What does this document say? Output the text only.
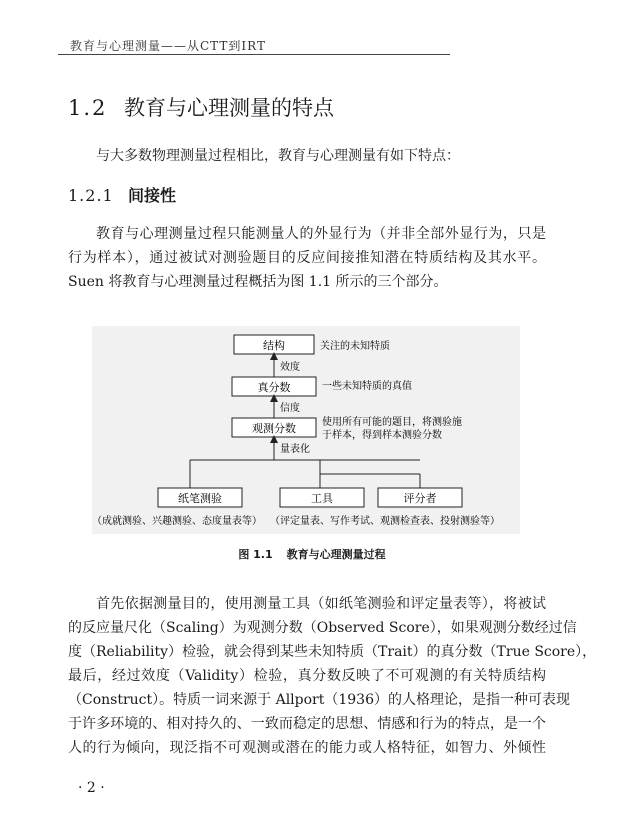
教育与心理测量——从CTT到IRT
1.2 教育与心理测量的特点
与大多数物理测量过程相比，教育与心理测量有如下特点：
1.2.1 间接性
教育与心理测量过程只能测量人的外显行为（并非全部外显行为，只是
行为样本），通过被试对测验题目的反应间接推知潜在特质结构及其水平。
Suen 将教育与心理测量过程概括为图 1.1 所示的三个部分。
结构
真分数
观测分数
效度
信度
量表化
纸笔测验	工具	评分者
关注的未知特质
一些未知特质的真值
使用所有可能的题目，将测验施
于样本，得到样本测验分数
（成就测验、兴趣测验、态度量表等） （评定量表、写作考试、观测检查表、投射测验等）
图 1.1 教育与心理测量过程
首先依据测量目的，使用测量工具（如纸笔测验和评定量表等），将被试
的反应量尺化（Scaling）为观测分数（Observed Score），如果观测分数经过信
度（Reliability）检验，就会得到某些未知特质（Trait）的真分数（True Score），
最后，经过效度（Validity）检验，真分数反映了不可观测的有关特质结构
（Construct）。特质一词来源于 Allport（1936）的人格理论，是指一种可表现
于许多环境的、相对持久的、一致而稳定的思想、情感和行为的特点，是一个
人的行为倾向，现泛指不可观测或潜在的能力或人格特征，如智力、外倾性
· 2 ·
